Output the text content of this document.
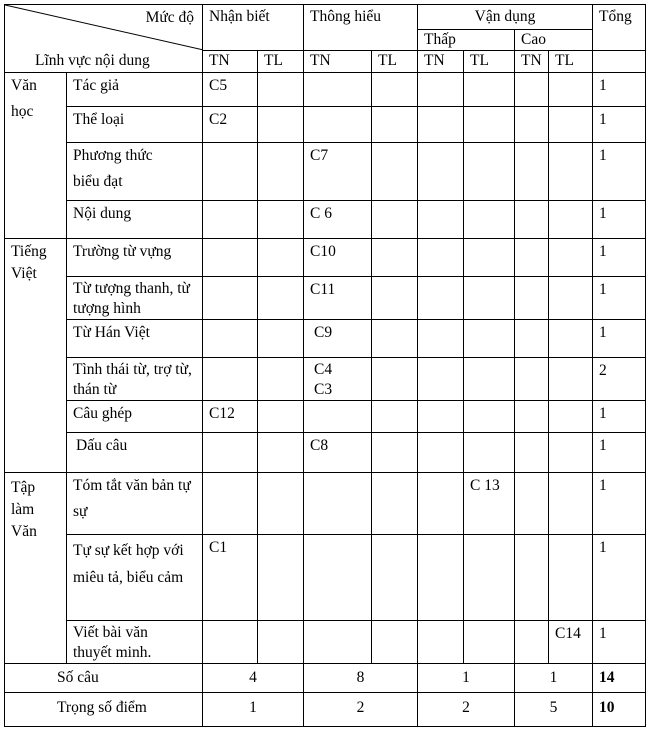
Mức độ
Lĩnh vực nội dung		Nhận biết		Thông hiểu		Vận dụng				Tổng
						Thấp		Cao		
		TN	TL	TN	TL	TN	TL	TN	TL	
Văn học	Tác giả	C5								1
	Thể loại	C2								1
	Phương thức biểu đạt			C7						1
	Nội dung			C 6						1
Tiếng Việt	Trường từ vựng			C10						1
	Từ tượng thanh, từ tượng hình			C11						1
	Từ Hán Việt			C9						1
	Tình thái từ, trợ từ, thán từ			C4 C3						2
	Câu ghép	C12								1
	Dấu câu			C8						1
Tập làm Văn	Tóm tắt văn bản tự sự						C 13			1
	Tự sự kết hợp với miêu tả, biểu cảm	C1								1
	Viết bài văn thuyết minh.								C14	1
Số câu		4		8		1		1		14
Trọng số điểm		1		2		2		5		10
